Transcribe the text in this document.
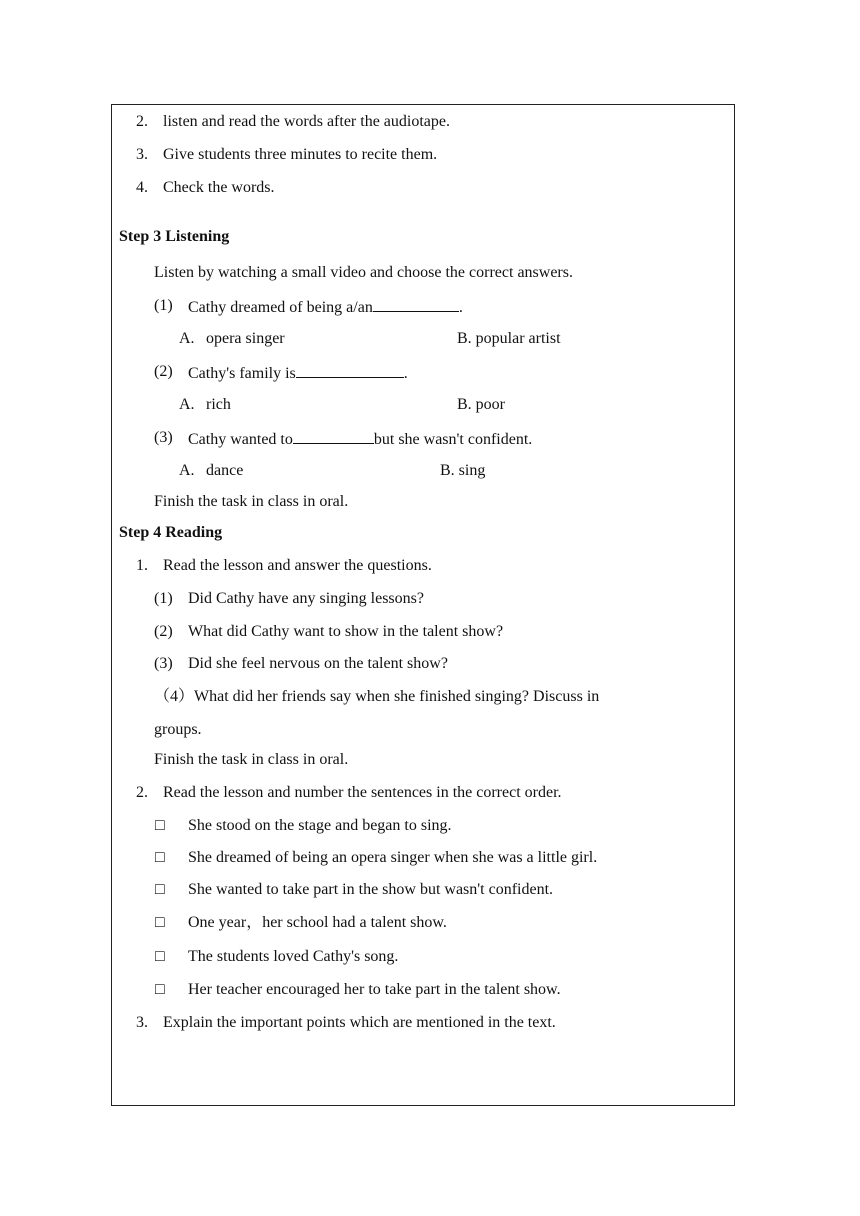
2. listen and read the words after the audiotape.
3. Give students three minutes to recite them.
4. Check the words.
Step 3 Listening
Listen by watching a small video and choose the correct answers.
(1) Cathy dreamed of being a/an	.
A. opera singer	B. popular artist
(2) Cathy's family is	.
A. rich	B. poor
(3) Cathy wanted to	but she wasn't confident.
A. dance	B. sing
Finish the task in class in oral.
Step 4 Reading
1. Read the lesson and answer the questions.
(1) Did Cathy have any singing lessons?
(2) What did Cathy want to show in the talent show?
(3) Did she feel nervous on the talent show?
（4）What did her friends say when she finished singing? Discuss in
groups.
Finish the task in class in oral.
2. Read the lesson and number the sentences in the correct order.
□ She stood on the stage and began to sing.
□ She dreamed of being an opera singer when she was a little girl.
□ She wanted to take part in the show but wasn't confident.
□ One year，her school had a talent show.
□ The students loved Cathy's song.
□ Her teacher encouraged her to take part in the talent show.
3. Explain the important points which are mentioned in the text.
